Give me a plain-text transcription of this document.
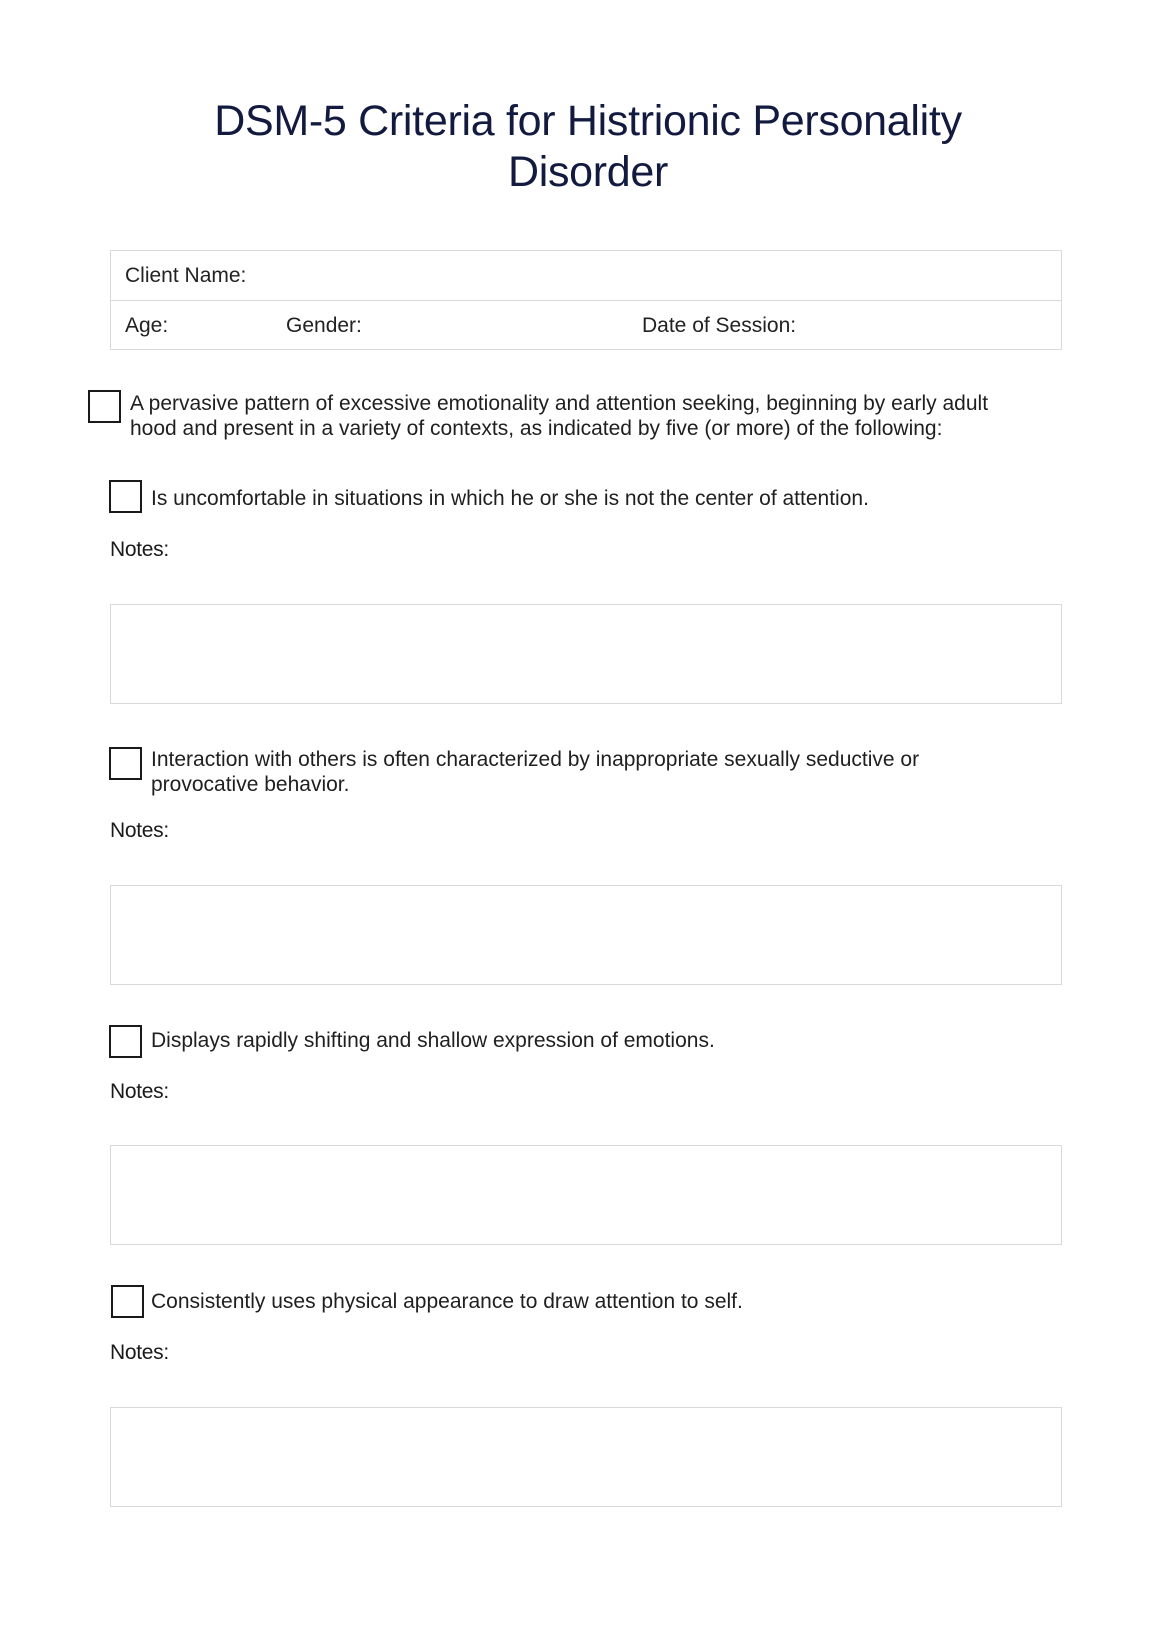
DSM-5 Criteria for Histrionic Personality
Disorder
Client Name:
Age:	Gender:	Date of Session:
A pervasive pattern of excessive emotionality and attention seeking, beginning by early adult
hood and present in a variety of contexts, as indicated by five (or more) of the following:
Is uncomfortable in situations in which he or she is not the center of attention.
Notes:
Interaction with others is often characterized by inappropriate sexually seductive or
provocative behavior.
Notes:
Displays rapidly shifting and shallow expression of emotions.
Notes:
Consistently uses physical appearance to draw attention to self.
Notes:
